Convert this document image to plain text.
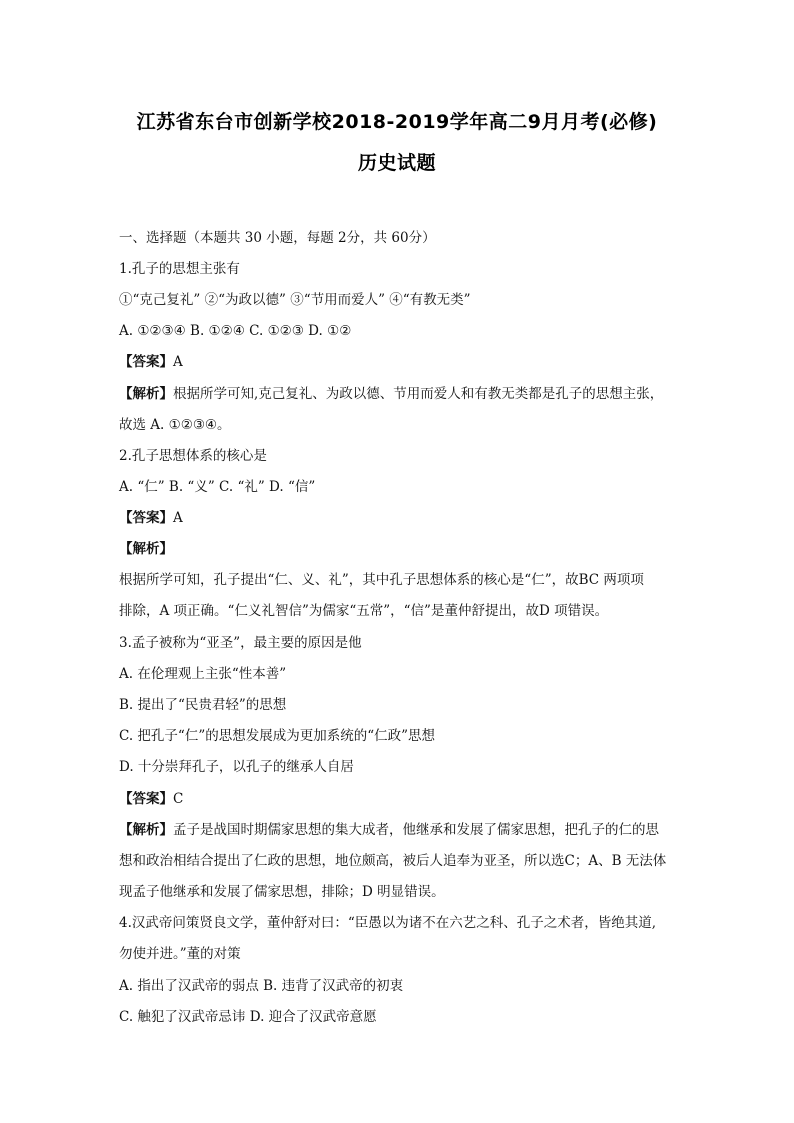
江苏省东台市创新学校2018-2019学年高二9月月考(必修)
历史试题
一、选择题（本题共 30 小题，每题 2分，共 60分）
1.孔子的思想主张有
①“克己复礼” ②“为政以德” ③“节用而爱人” ④“有教无类”
A. ①②③④ B. ①②④ C. ①②③ D. ①②
【答案】A
【解析】根据所学可知,克己复礼、为政以德、节用而爱人和有教无类都是孔子的思想主张，
故选 A. ①②③④。
2.孔子思想体系的核心是
A. “仁” B. “义” C. “礼” D. “信”
【答案】A
【解析】
根据所学可知，孔子提出“仁、义、礼”，其中孔子思想体系的核心是“仁”，故BC 两项项
排除，A 项正确。“仁义礼智信”为儒家“五常”，“信”是董仲舒提出，故D 项错误。
3.孟子被称为“亚圣”，最主要的原因是他
A. 在伦理观上主张“性本善”
B. 提出了“民贵君轻”的思想
C. 把孔子“仁”的思想发展成为更加系统的“仁政”思想
D. 十分崇拜孔子，以孔子的继承人自居
【答案】C
【解析】孟子是战国时期儒家思想的集大成者，他继承和发展了儒家思想，把孔子的仁的思
想和政治相结合提出了仁政的思想，地位颇高，被后人追奉为亚圣，所以选C；A、B 无法体
现孟子他继承和发展了儒家思想，排除；D 明显错误。
4.汉武帝问策贤良文学，董仲舒对曰：“臣愚以为诸不在六艺之科、孔子之术者，皆绝其道,
勿使并进。”董的对策
A. 指出了汉武帝的弱点 B. 违背了汉武帝的初衷
C. 触犯了汉武帝忌讳 D. 迎合了汉武帝意愿
